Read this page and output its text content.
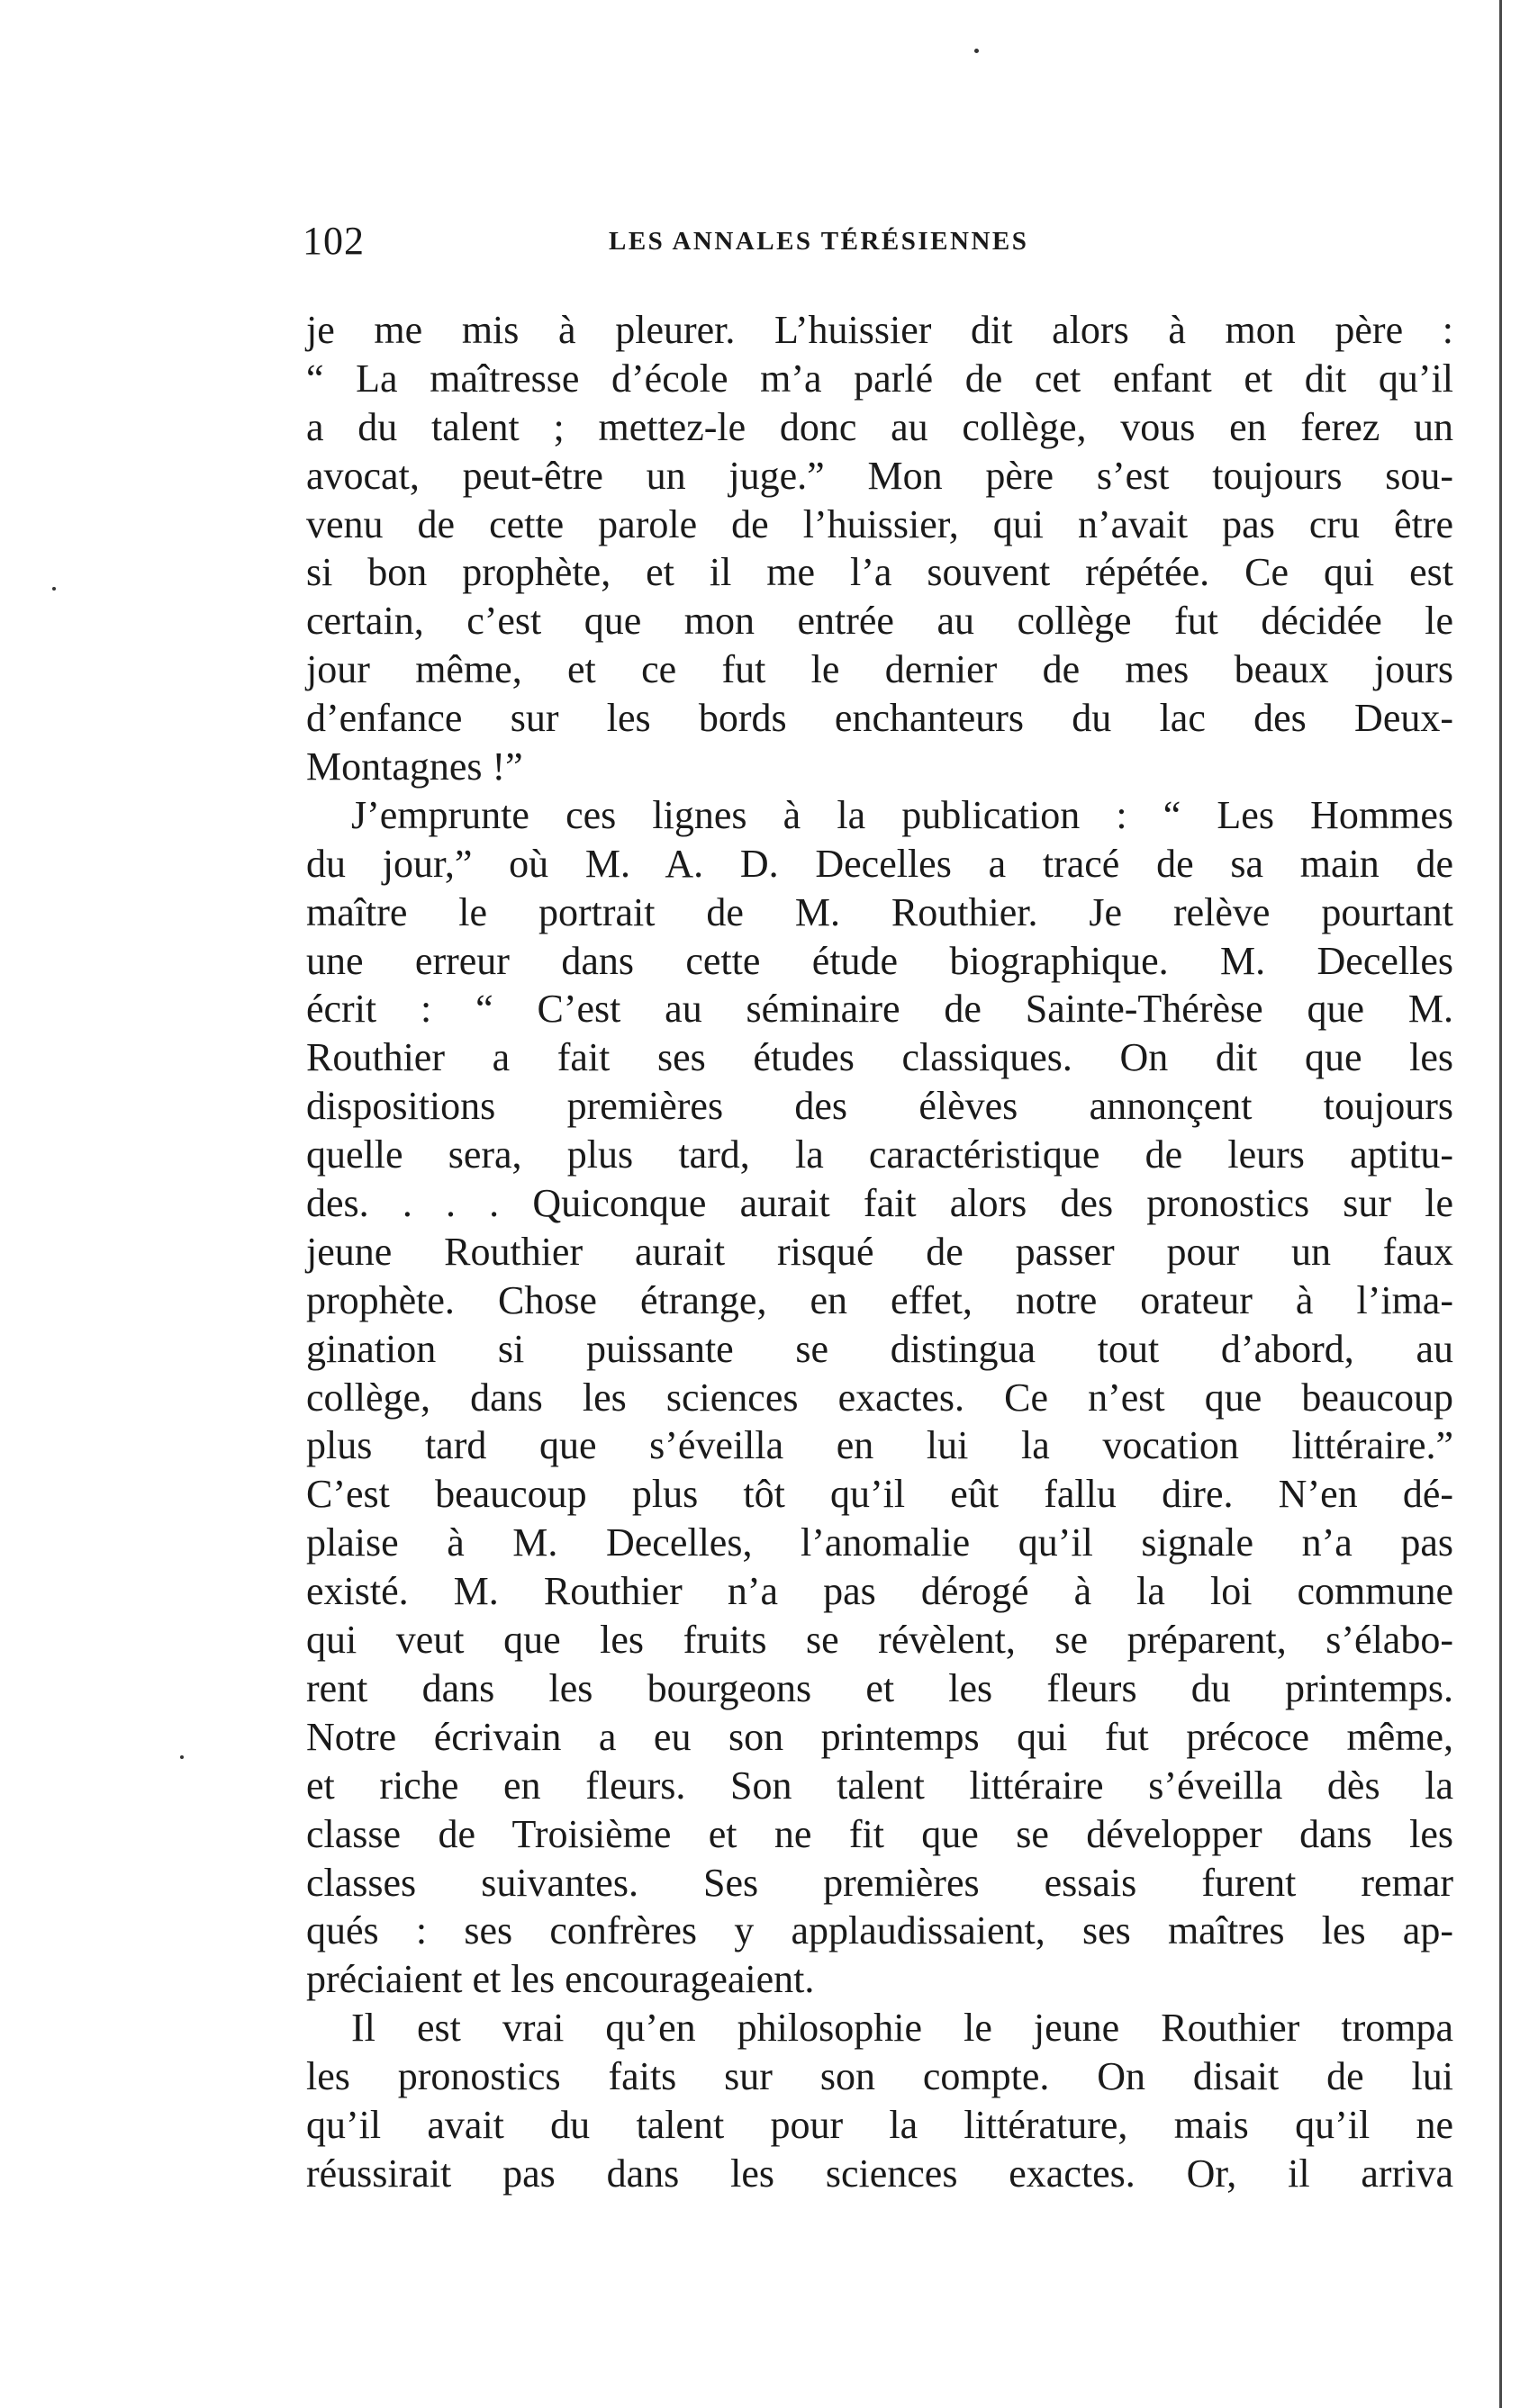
102	LES ANNALES TÉRÉSIENNES
je me mis à pleurer. L’huissier dit alors à mon père :
“ La maîtresse d’école m’a parlé de cet enfant et dit qu’il
a du talent ; mettez-le donc au collège, vous en ferez un
avocat, peut-être un juge.” Mon père s’est toujours sou-
venu de cette parole de l’huissier, qui n’avait pas cru être
si bon prophète, et il me l’a souvent répétée. Ce qui est
certain, c’est que mon entrée au collège fut décidée le
jour même, et ce fut le dernier de mes beaux jours
d’enfance sur les bords enchanteurs du lac des Deux-
Montagnes !”
J’emprunte ces lignes à la publication : “ Les Hommes
du jour,” où M. A. D. Decelles a tracé de sa main de
maître le portrait de M. Routhier. Je relève pourtant
une erreur dans cette étude biographique. M. Decelles
écrit : “ C’est au séminaire de Sainte-Thérèse que M.
Routhier a fait ses études classiques. On dit que les
dispositions premières des élèves annonçent toujours
quelle sera, plus tard, la caractéristique de leurs aptitu-
des. . . . Quiconque aurait fait alors des pronostics sur le
jeune Routhier aurait risqué de passer pour un faux
prophète. Chose étrange, en effet, notre orateur à l’ima-
gination si puissante se distingua tout d’abord, au
collège, dans les sciences exactes. Ce n’est que beaucoup
plus tard que s’éveilla en lui la vocation littéraire.”
C’est beaucoup plus tôt qu’il eût fallu dire. N’en dé-
plaise à M. Decelles, l’anomalie qu’il signale n’a pas
existé. M. Routhier n’a pas dérogé à la loi commune
qui veut que les fruits se révèlent, se préparent, s’élabo-
rent dans les bourgeons et les fleurs du printemps.
Notre écrivain a eu son printemps qui fut précoce même,
et riche en fleurs. Son talent littéraire s’éveilla dès la
classe de Troisième et ne fit que se développer dans les
classes suivantes. Ses premières essais furent remar
qués : ses confrères y applaudissaient, ses maîtres les ap-
préciaient et les encourageaient.
Il est vrai qu’en philosophie le jeune Routhier trompa
les pronostics faits sur son compte. On disait de lui
qu’il avait du talent pour la littérature, mais qu’il ne
réussirait pas dans les sciences exactes. Or, il arriva
